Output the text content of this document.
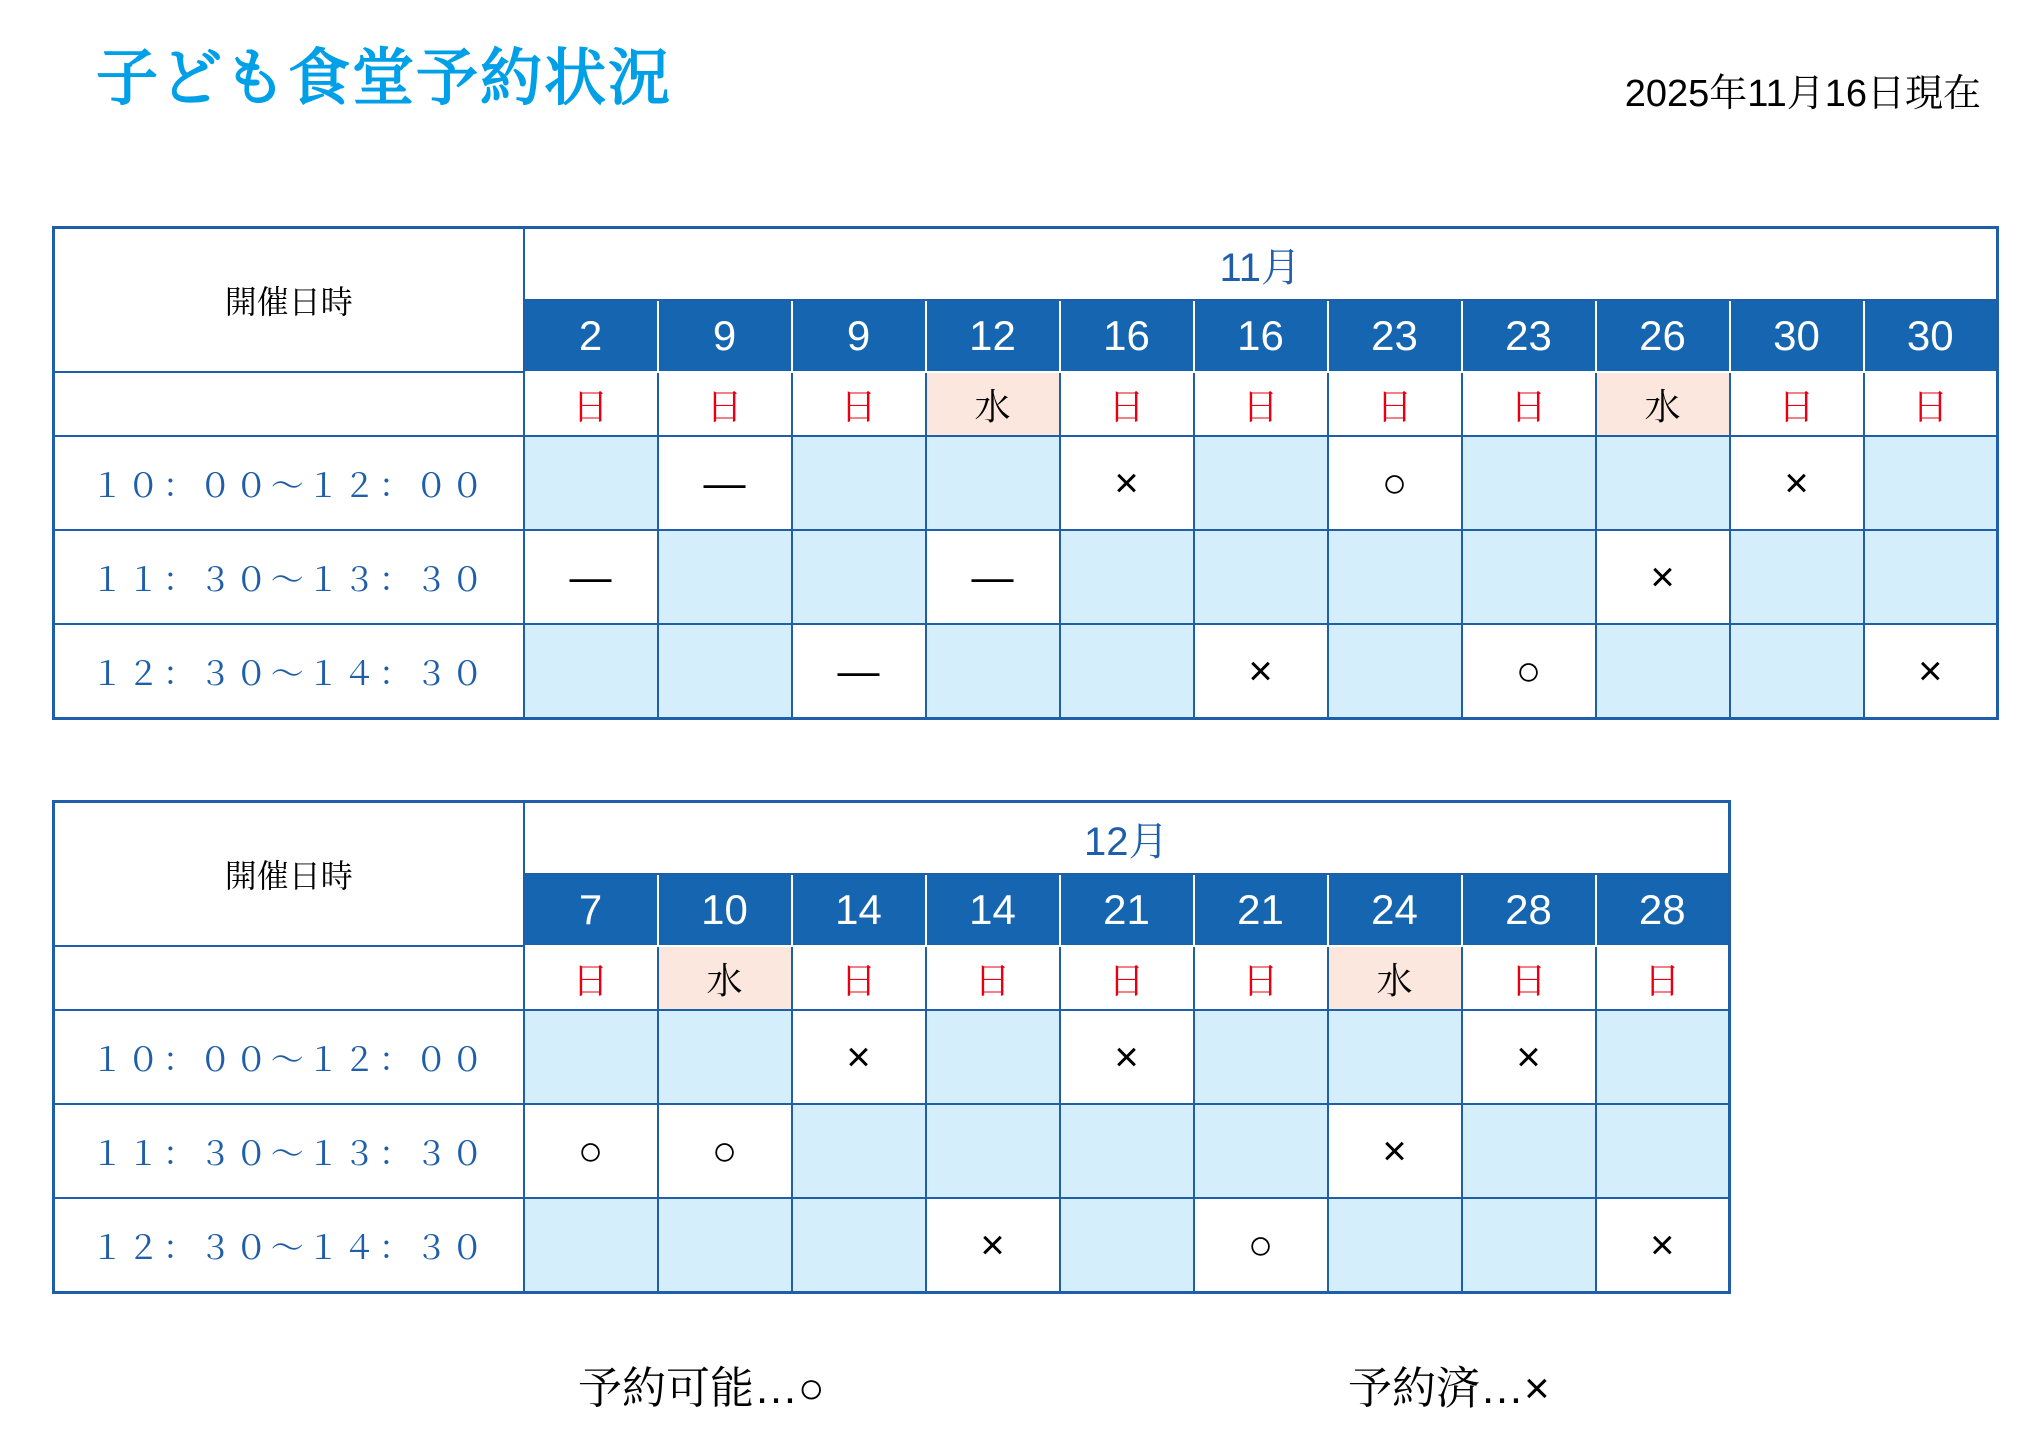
子ども食堂予約状況	2025年11月16日現在
開催日時	11月										
	2	9	9	12	16	16	23	23	26	30	30
	日	日	日	水	日	日	日	日	水	日	日
１０：００～１２：００		—			×		○			×	
１１：３０～１３：３０	—			—					×		
１２：３０～１４：３０			—			×		○			×
開催日時	12月								
	7	10	14	14	21	21	24	28	28
	日	水	日	日	日	日	水	日	日
１０：００～１２：００			×		×			×	
１１：３０～１３：３０	○	○					×		
１２：３０～１４：３０				×		○			×
予約可能…○	予約済…×
